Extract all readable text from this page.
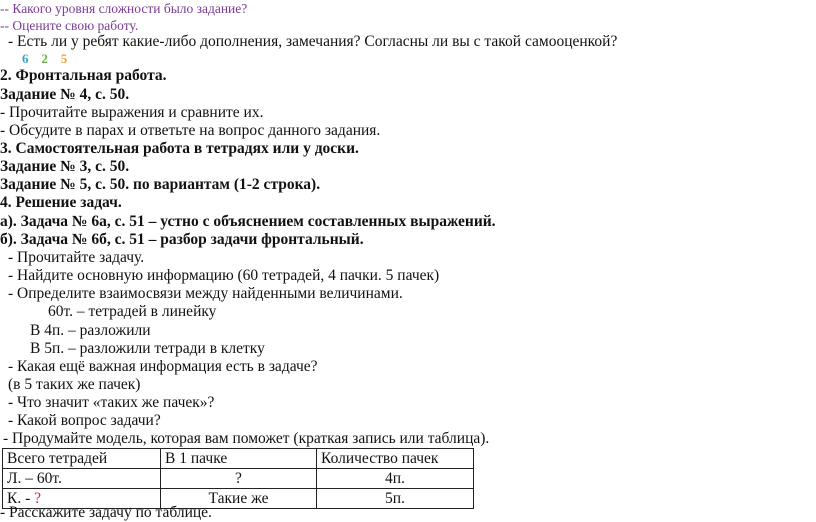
-- Какого уровня сложности было задание?
-- Оцените свою работу.
- Есть ли у ребят какие-либо дополнения, замечания? Согласны ли вы с такой самооценкой?
6 2 5
2. Фронтальная работа.
Задание № 4, с. 50.
- Прочитайте выражения и сравните их.
- Обсудите в парах и ответьте на вопрос данного задания.
3. Самостоятельная работа в тетрадях или у доски.
Задание № 3, с. 50.
Задание № 5, с. 50. по вариантам (1-2 строка).
4. Решение задач.
а). Задача № 6а, с. 51 – устно с объяснением составленных выражений.
б). Задача № 6б, с. 51 – разбор задачи фронтальный.
- Прочитайте задачу.
- Найдите основную информацию (60 тетрадей, 4 пачки. 5 пачек)
- Определите взаимосвязи между найденными величинами.
60т. – тетрадей в линейку
В 4п. – разложили
В 5п. – разложили тетради в клетку
- Какая ещё важная информация есть в задаче?
(в 5 таких же пачек)
- Что значит «таких же пачек»?
- Какой вопрос задачи?
- Продумайте модель, которая вам поможет (краткая запись или таблица).
Всего тетрадей	В 1 пачке	Количество пачек
Л. – 60т.	?	4п.
К. - ?	Такие же	5п.
- Расскажите задачу по таблице.
